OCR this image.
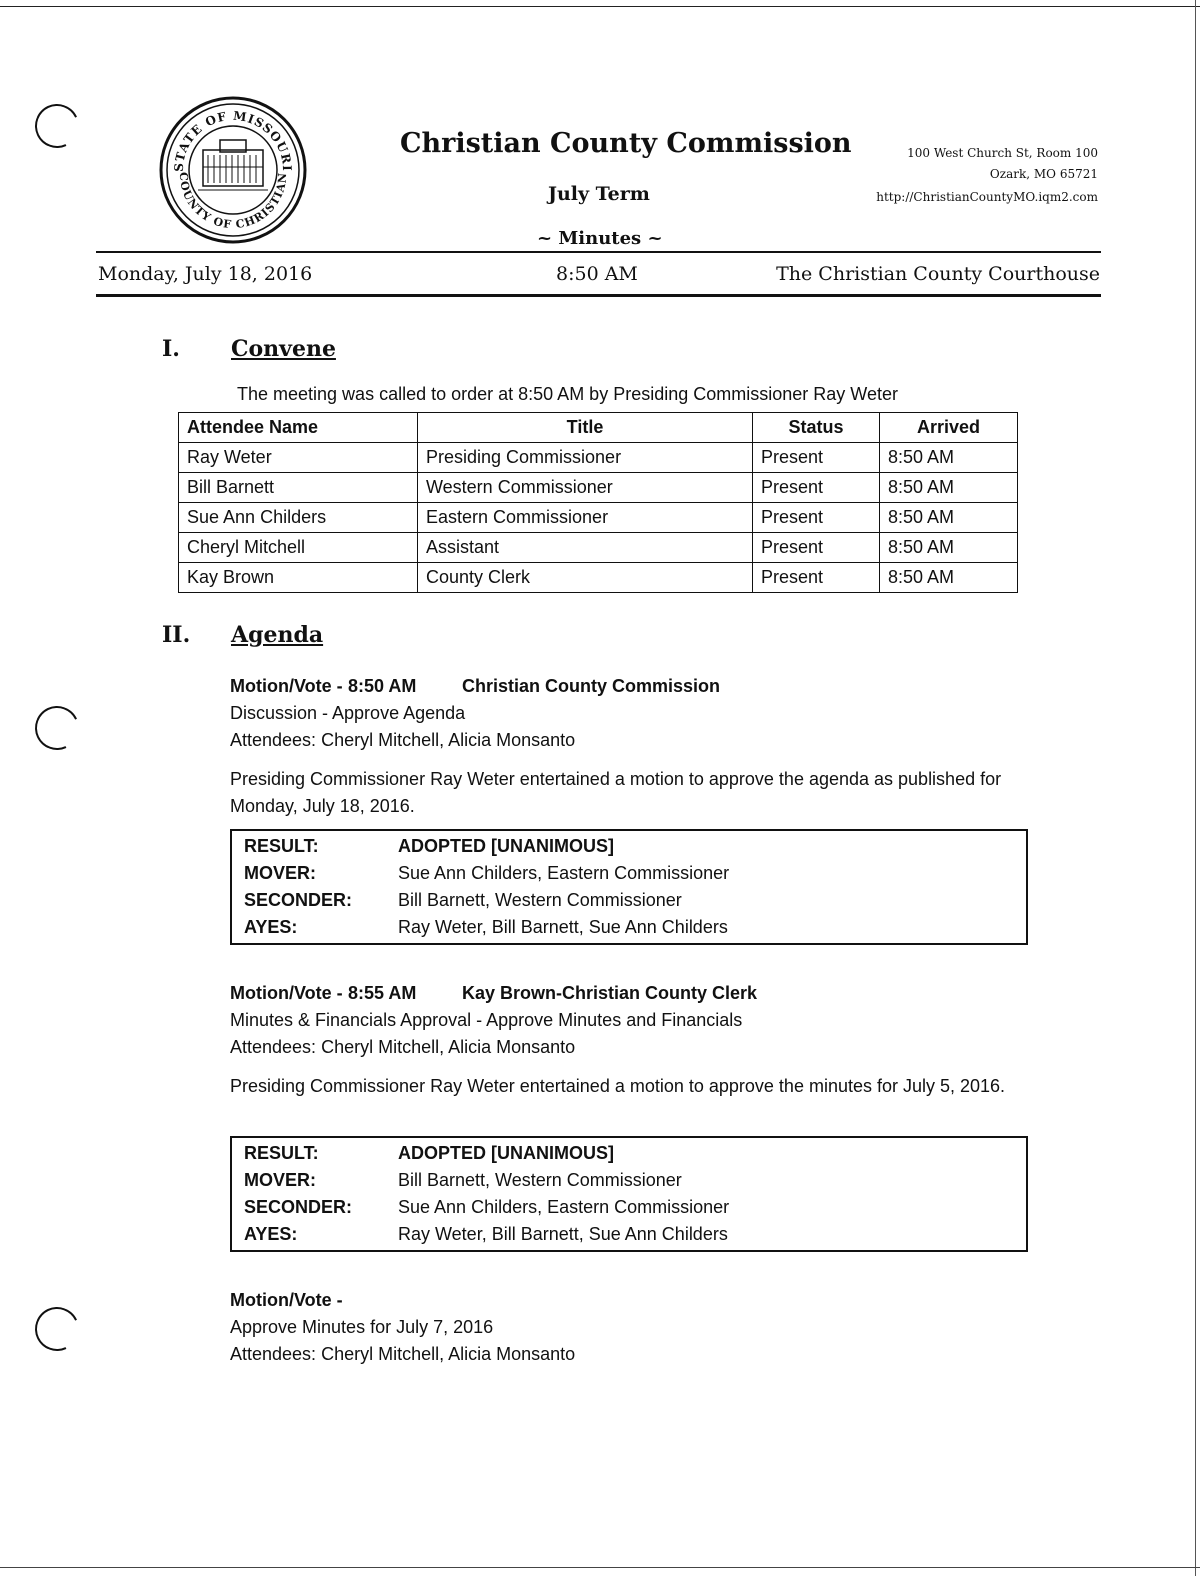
STATE OF MISSOURI
COUNTY OF CHRISTIAN
Christian County Commission
July Term
~ Minutes ~
100 West Church St, Room 100
Ozark, MO 65721
http://ChristianCountyMO.iqm2.com
Monday, July 18, 2016	8:50 AM	The Christian County Courthouse
I. Convene
The meeting was called to order at 8:50 AM by Presiding Commissioner Ray Weter
Attendee Name	Title	Status	Arrived
Ray Weter	Presiding Commissioner	Present	8:50 AM
Bill Barnett	Western Commissioner	Present	8:50 AM
Sue Ann Childers	Eastern Commissioner	Present	8:50 AM
Cheryl Mitchell	Assistant	Present	8:50 AM
Kay Brown	County Clerk	Present	8:50 AM
II. Agenda
Motion/Vote - 8:50 AM	Christian County Commission
Discussion - Approve Agenda
Attendees: Cheryl Mitchell, Alicia Monsanto
Presiding Commissioner Ray Weter entertained a motion to approve the agenda as published for Monday, July 18, 2016.
RESULT:	ADOPTED [UNANIMOUS]
MOVER:	Sue Ann Childers, Eastern Commissioner
SECONDER:	Bill Barnett, Western Commissioner
AYES:	Ray Weter, Bill Barnett, Sue Ann Childers
Motion/Vote - 8:55 AM	Kay Brown-Christian County Clerk
Minutes & Financials Approval - Approve Minutes and Financials
Attendees: Cheryl Mitchell, Alicia Monsanto
Presiding Commissioner Ray Weter entertained a motion to approve the minutes for July 5, 2016.
RESULT:	ADOPTED [UNANIMOUS]
MOVER:	Bill Barnett, Western Commissioner
SECONDER:	Sue Ann Childers, Eastern Commissioner
AYES:	Ray Weter, Bill Barnett, Sue Ann Childers
Motion/Vote -
Approve Minutes for July 7, 2016
Attendees: Cheryl Mitchell, Alicia Monsanto
